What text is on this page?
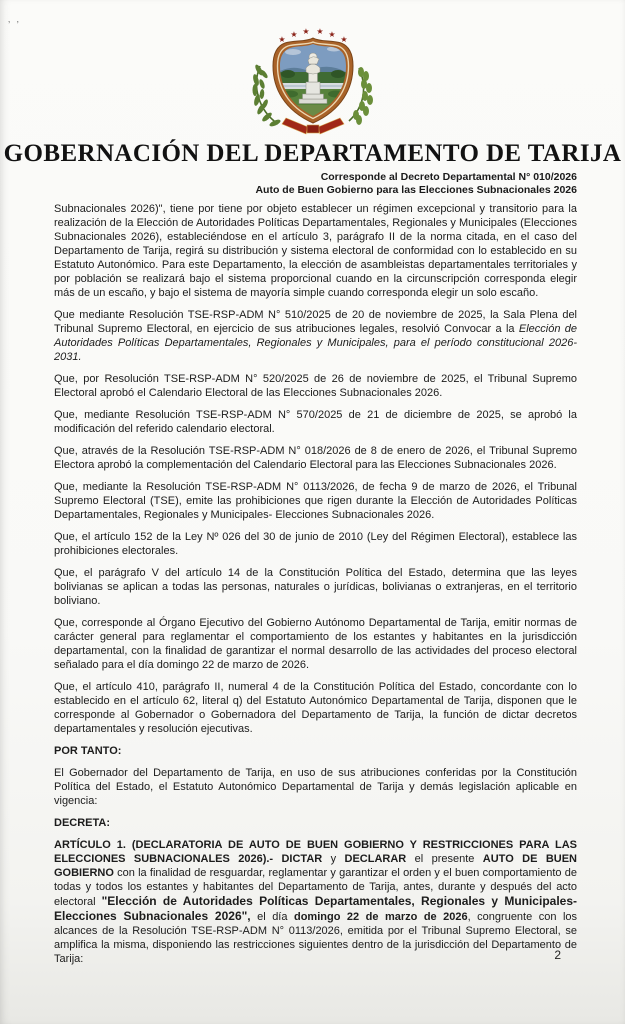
’ ’
★
★ ★ ★ ★
★
GOBERNACIÓN DEL DEPARTAMENTO DE TARIJA
Corresponde al Decreto Departamental N° 010/2026
Auto de Buen Gobierno para las Elecciones Subnacionales 2026

Subnacionales 2026)", tiene por tiene por objeto establecer un régimen excepcional y transitorio para la realización de la Elección de Autoridades Políticas Departamentales, Regionales y Municipales (Elecciones Subnacionales 2026), estableciéndose en el artículo 3, parágrafo II de la norma citada, en el caso del Departamento de Tarija, regirá su distribución y sistema electoral de conformidad con lo establecido en su Estatuto Autonómico. Para este Departamento, la elección de asambleistas departamentales territoriales y por población se realizará bajo el sistema proporcional cuando en la circunscripción corresponda elegir más de un escaño, y bajo el sistema de mayoría simple cuando corresponda elegir un solo escaño.

Que mediante Resolución TSE-RSP-ADM N° 510/2025 de 20 de noviembre de 2025, la Sala Plena del Tribunal Supremo Electoral, en ejercicio de sus atribuciones legales, resolvió Convocar a la Elección de Autoridades Políticas Departamentales, Regionales y Municipales, para el período constitucional 2026-2031.

Que, por Resolución TSE-RSP-ADM N° 520/2025 de 26 de noviembre de 2025, el Tribunal Supremo Electoral aprobó el Calendario Electoral de las Elecciones Subnacionales 2026.

Que, mediante Resolución TSE-RSP-ADM N° 570/2025 de 21 de diciembre de 2025, se aprobó la modificación del referido calendario electoral.

Que, através de la Resolución TSE-RSP-ADM N° 018/2026 de 8 de enero de 2026, el Tribunal Supremo Electora aprobó la complementación del Calendario Electoral para las Elecciones Subnacionales 2026.

Que, mediante la Resolución TSE-RSP-ADM N° 0113/2026, de fecha 9 de marzo de 2026, el Tribunal Supremo Electoral (TSE), emite las prohibiciones que rigen durante la Elección de Autoridades Políticas Departamentales, Regionales y Municipales- Elecciones Subnacionales 2026.

Que, el artículo 152 de la Ley Nº 026 del 30 de junio de 2010 (Ley del Régimen Electoral), establece las prohibiciones electorales.

Que, el parágrafo V del artículo 14 de la Constitución Política del Estado, determina que las leyes bolivianas se aplican a todas las personas, naturales o jurídicas, bolivianas o extranjeras, en el territorio boliviano.

Que, corresponde al Órgano Ejecutivo del Gobierno Autónomo Departamental de Tarija, emitir normas de carácter general para reglamentar el comportamiento de los estantes y habitantes en la jurisdicción departamental, con la finalidad de garantizar el normal desarrollo de las actividades del proceso electoral señalado para el día domingo 22 de marzo de 2026.

Que, el artículo 410, parágrafo II, numeral 4 de la Constitución Política del Estado, concordante con lo establecido en el artículo 62, literal q) del Estatuto Autonómico Departamental de Tarija, disponen que le corresponde al Gobernador o Gobernadora del Departamento de Tarija, la función de dictar decretos departamentales y resolución ejecutivas.

POR TANTO:

El Gobernador del Departamento de Tarija, en uso de sus atribuciones conferidas por la Constitución Política del Estado, el Estatuto Autonómico Departamental de Tarija y demás legislación aplicable en vigencia:

DECRETA:

ARTÍCULO 1. (DECLARATORIA DE AUTO DE BUEN GOBIERNO Y RESTRICCIONES PARA LAS ELECCIONES SUBNACIONALES 2026).- DICTAR y DECLARAR el presente AUTO DE BUEN GOBIERNO con la finalidad de resguardar, reglamentar y garantizar el orden y el buen comportamiento de todas y todos los estantes y habitantes del Departamento de Tarija, antes, durante y después del acto electoral "Elección de Autoridades Políticas Departamentales, Regionales y Municipales- Elecciones Subnacionales 2026", el día domingo 22 de marzo de 2026, congruente con los alcances de la Resolución TSE-RSP-ADM N° 0113/2026, emitida por el Tribunal Supremo Electoral, se amplifica la misma, disponiendo las restricciones siguientes dentro de la jurisdicción del Departamento de Tarija:	2
